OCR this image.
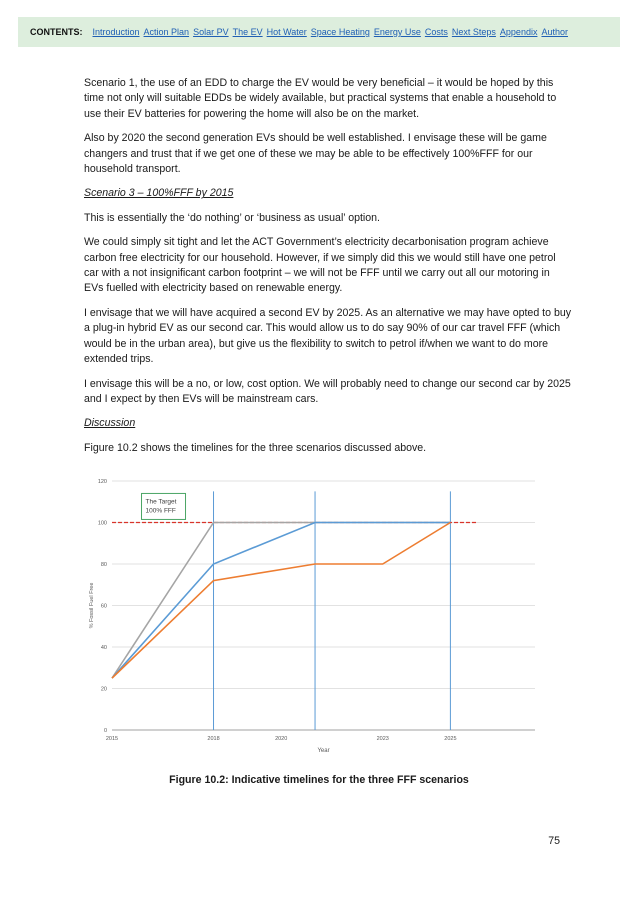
CONTENTS: Introduction Action Plan Solar PV The EV Hot Water Space Heating Energy Use Costs Next Steps Appendix Author

Scenario 1, the use of an EDD to charge the EV would be very beneficial – it would be hoped by this time not only will suitable EDDs be widely available, but practical systems that enable a household to use their EV batteries for powering the home will also be on the market.

Also by 2020 the second generation EVs should be well established. I envisage these will be game changers and trust that if we get one of these we may be able to be effectively 100%FFF for our household transport.

Scenario 3 – 100%FFF by 2015

This is essentially the ‘do nothing’ or ‘business as usual’ option.

We could simply sit tight and let the ACT Government’s electricity decarbonisation program achieve carbon free electricity for our household. However, if we simply did this we would still have one petrol car with a not insignificant carbon footprint – we will not be FFF until we carry out all our motoring in EVs fuelled with electricity based on renewable energy.

I envisage that we will have acquired a second EV by 2025. As an alternative we may have opted to buy a plug-in hybrid EV as our second car. This would allow us to do say 90% of our car travel FFF (which would be in the urban area), but give us the flexibility to switch to petrol if/when we want to do more extended trips.

I envisage this will be a no, or low, cost option. We will probably need to change our second car by 2025 and I expect by then EVs will be mainstream cars.

Discussion

Figure 10.2 shows the timelines for the three scenarios discussed above.

0
20
40
60
80
100
120
2015	2018	2020	2023	2025
The Target
100% FFF
Year
% Fossil Fuel Free
Figure 10.2: Indicative timelines for the three FFF scenarios
75
